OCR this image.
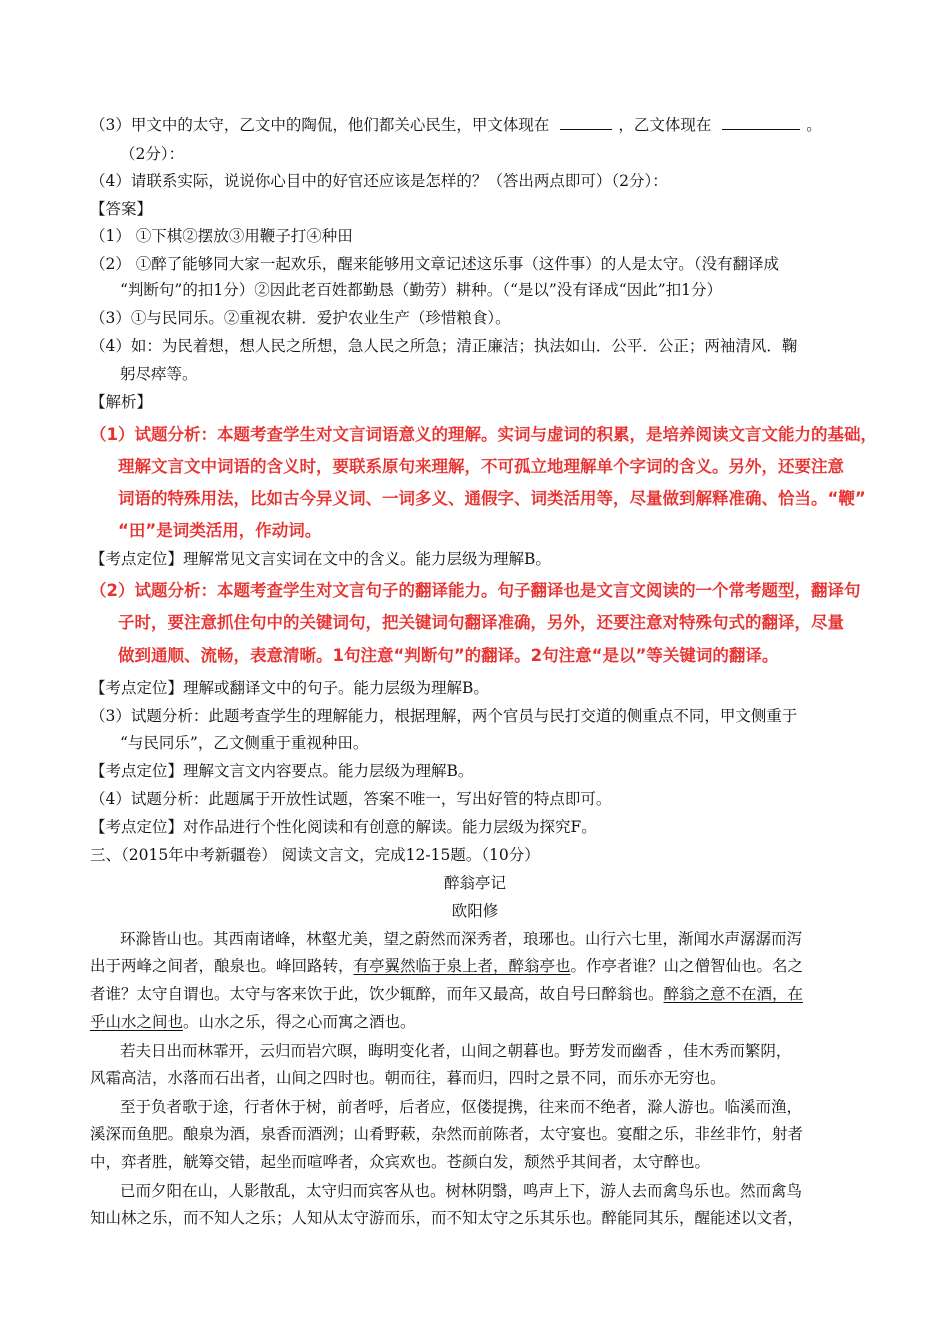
（3）甲文中的太守，乙文中的陶侃，他们都关心民生，甲文体现在	，乙文体现在	。
（2分）：
（4）请联系实际，说说你心目中的好官还应该是怎样的？（答出两点即可）（2分）：
【答案】
（1） ①下棋②摆放③用鞭子打④种田
（2） ①醉了能够同大家一起欢乐，醒来能够用文章记述这乐事（这件事）的人是太守。（没有翻译成
“判断句”的扣1分）②因此老百姓都勤恳（勤劳）耕种。（“是以”没有译成“因此”扣1分）
（3）①与民同乐。②重视农耕．爱护农业生产（珍惜粮食）。
（4）如：为民着想，想人民之所想，急人民之所急；清正廉洁；执法如山．公平．公正；两袖清风．鞠
躬尽瘁等。
【解析】
（1）试题分析：本题考查学生对文言词语意义的理解。实词与虚词的积累，是培养阅读文言文能力的基础，
理解文言文中词语的含义时，要联系原句来理解，不可孤立地理解单个字词的含义。另外，还要注意
词语的特殊用法，比如古今异义词、一词多义、通假字、词类活用等，尽量做到解释准确、恰当。“鞭”
“田”是词类活用，作动词。
【考点定位】理解常见文言实词在文中的含义。能力层级为理解B。
（2）试题分析：本题考查学生对文言句子的翻译能力。句子翻译也是文言文阅读的一个常考题型，翻译句
子时，要注意抓住句中的关键词句，把关键词句翻译准确，另外，还要注意对特殊句式的翻译，尽量
做到通顺、流畅，表意清晰。1句注意“判断句”的翻译。2句注意“是以”等关键词的翻译。
【考点定位】理解或翻译文中的句子。能力层级为理解B。
（3）试题分析：此题考查学生的理解能力，根据理解，两个官员与民打交道的侧重点不同，甲文侧重于
“与民同乐”，乙文侧重于重视种田。
【考点定位】理解文言文内容要点。能力层级为理解B。
（4）试题分析：此题属于开放性试题，答案不唯一，写出好管的特点即可。
【考点定位】对作品进行个性化阅读和有创意的解读。能力层级为探究F。
三、（2015年中考新疆卷） 阅读文言文，完成12-15题。（10分）
醉翁亭记
欧阳修
环滁皆山也。其西南诸峰，林壑尤美，望之蔚然而深秀者，琅琊也。山行六七里，渐闻水声潺潺而泻
出于两峰之间者，酿泉也。峰回路转，有亭翼然临于泉上者，醉翁亭也。作亭者谁？山之僧智仙也。名之
者谁？太守自谓也。太守与客来饮于此，饮少辄醉，而年又最高，故自号曰醉翁也。醉翁之意不在酒，在
乎山水之间也。山水之乐，得之心而寓之酒也。
若夫日出而林霏开，云归而岩穴暝，晦明变化者，山间之朝暮也。野芳发而幽香 ，佳木秀而繁阴，
风霜高洁，水落而石出者，山间之四时也。朝而往，暮而归，四时之景不同，而乐亦无穷也。
至于负者歌于途，行者休于树，前者呼，后者应，伛偻提携，往来而不绝者，滁人游也。临溪而渔，
溪深而鱼肥。酿泉为酒，泉香而酒洌；山肴野蔌，杂然而前陈者，太守宴也。宴酣之乐，非丝非竹，射者
中，弈者胜，觥筹交错，起坐而喧哗者，众宾欢也。苍颜白发，颓然乎其间者，太守醉也。
已而夕阳在山，人影散乱，太守归而宾客从也。树林阴翳，鸣声上下，游人去而禽鸟乐也。然而禽鸟
知山林之乐，而不知人之乐；人知从太守游而乐，而不知太守之乐其乐也。醉能同其乐，醒能述以文者，
